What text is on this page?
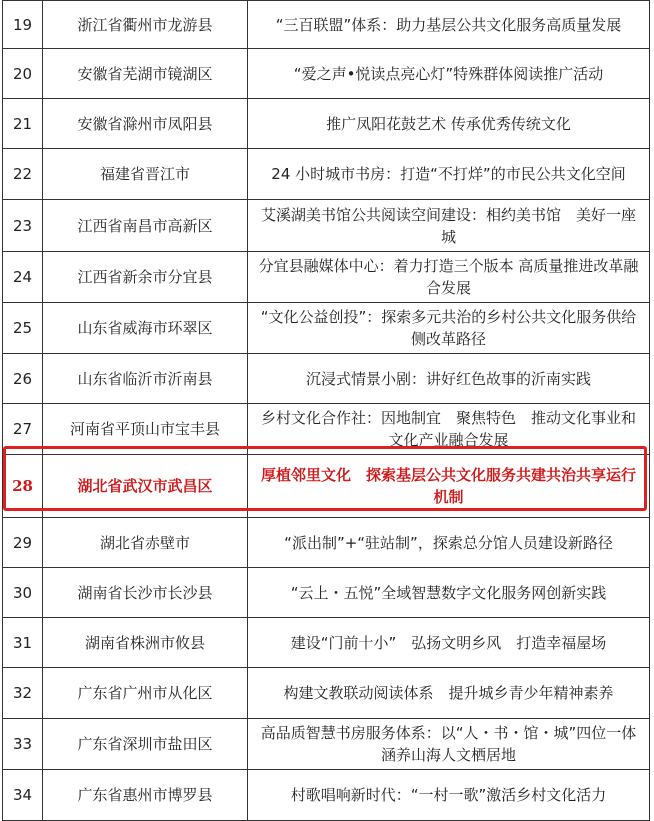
19	浙江省衢州市龙游县	“三百联盟”体系：助力基层公共文化服务高质量发展
20	安徽省芜湖市镜湖区	“爱之声•悦读点亮心灯”特殊群体阅读推广活动
21	安徽省滁州市凤阳县	推广凤阳花鼓艺术 传承优秀传统文化
22	福建省晋江市	24 小时城市书房：打造“不打烊”的市民公共文化空间
23	江西省南昌市高新区	艾溪湖美书馆公共阅读空间建设：相约美书馆　美好一座城
24	江西省新余市分宜县	分宜县融媒体中心：着力打造三个版本 高质量推进改革融合发展
25	山东省威海市环翠区	“文化公益创投”：探索多元共治的乡村公共文化服务供给侧改革路径
26	山东省临沂市沂南县	沉浸式情景小剧：讲好红色故事的沂南实践
27	河南省平顶山市宝丰县	乡村文化合作社：因地制宜　聚焦特色　推动文化事业和文化产业融合发展
28	湖北省武汉市武昌区	厚植邻里文化　探索基层公共文化服务共建共治共享运行机制
29	湖北省赤壁市	“派出制”+“驻站制”，探索总分馆人员建设新路径
30	湖南省长沙市长沙县	“云上・五悦”全域智慧数字文化服务网创新实践
31	湖南省株洲市攸县	建设“门前十小”　弘扬文明乡风　打造幸福屋场
32	广东省广州市从化区	构建文教联动阅读体系　提升城乡青少年精神素养
33	广东省深圳市盐田区	高品质智慧书房服务体系：以“人・书・馆・城”四位一体涵养山海人文栖居地
34	广东省惠州市博罗县	村歌唱响新时代：“一村一歌”激活乡村文化活力
